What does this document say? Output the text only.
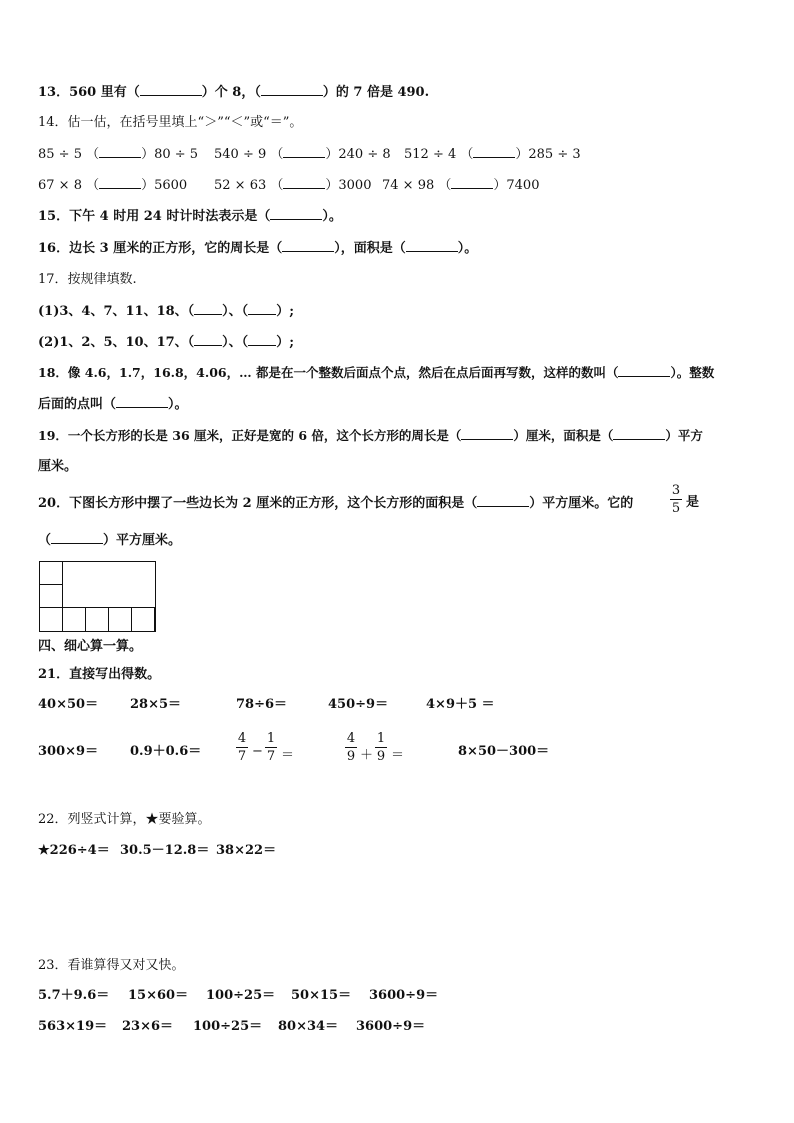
13．560 里有（	）个 8，（	）的 7 倍是 490.
14．估一估，在括号里填上“＞”“＜”或“＝”。
85 ÷ 5 （	）80 ÷ 5 540 ÷ 9 （	）240 ÷ 8 512 ÷ 4 （	）285 ÷ 3
67 × 8 （	）5600 52 × 63 （	）3000 74 × 98 （	）7400
15．下午 4 时用 24 时计时法表示是（	）。
16．边长 3 厘米的正方形，它的周长是（	），面积是（	）。
17．按规律填数.
(1)3、4、7、11、18、（ ）、（ ）;
(2)1、2、5、10、17、（ ）、（ ）;
18．像 4.6，1.7，16.8，4.06，… 都是在一个整数后面点个点，然后在点后面再写数，这样的数叫（	）。整数
后面的点叫（	）。
19．一个长方形的长是 36 厘米，正好是宽的 6 倍，这个长方形的周长是（	）厘米，面积是（	）平方
厘米。
20．下图长方形中摆了一些边长为 2 厘米的正方形，这个长方形的面积是（	）平方厘米。它的
3
5 是
（	）平方厘米。
四、细心算一算。
21．直接写出得数。
40×50＝ 28×5＝	78÷6＝	450÷9＝	4×9＋5 ＝
300×9＝ 0.9＋0.6＝	8×50－300＝
4
7 −
1
7 ＝
4
9 ＋
1
9 ＝
22．列竖式计算，★要验算。
★226÷4＝ 30.5－12.8＝ 38×22＝
23．看谁算得又对又快。
5.7＋9.6＝ 15×60＝ 100÷25＝ 50×15＝ 3600÷9＝
563×19＝ 23×6＝ 100÷25＝ 80×34＝ 3600÷9＝
